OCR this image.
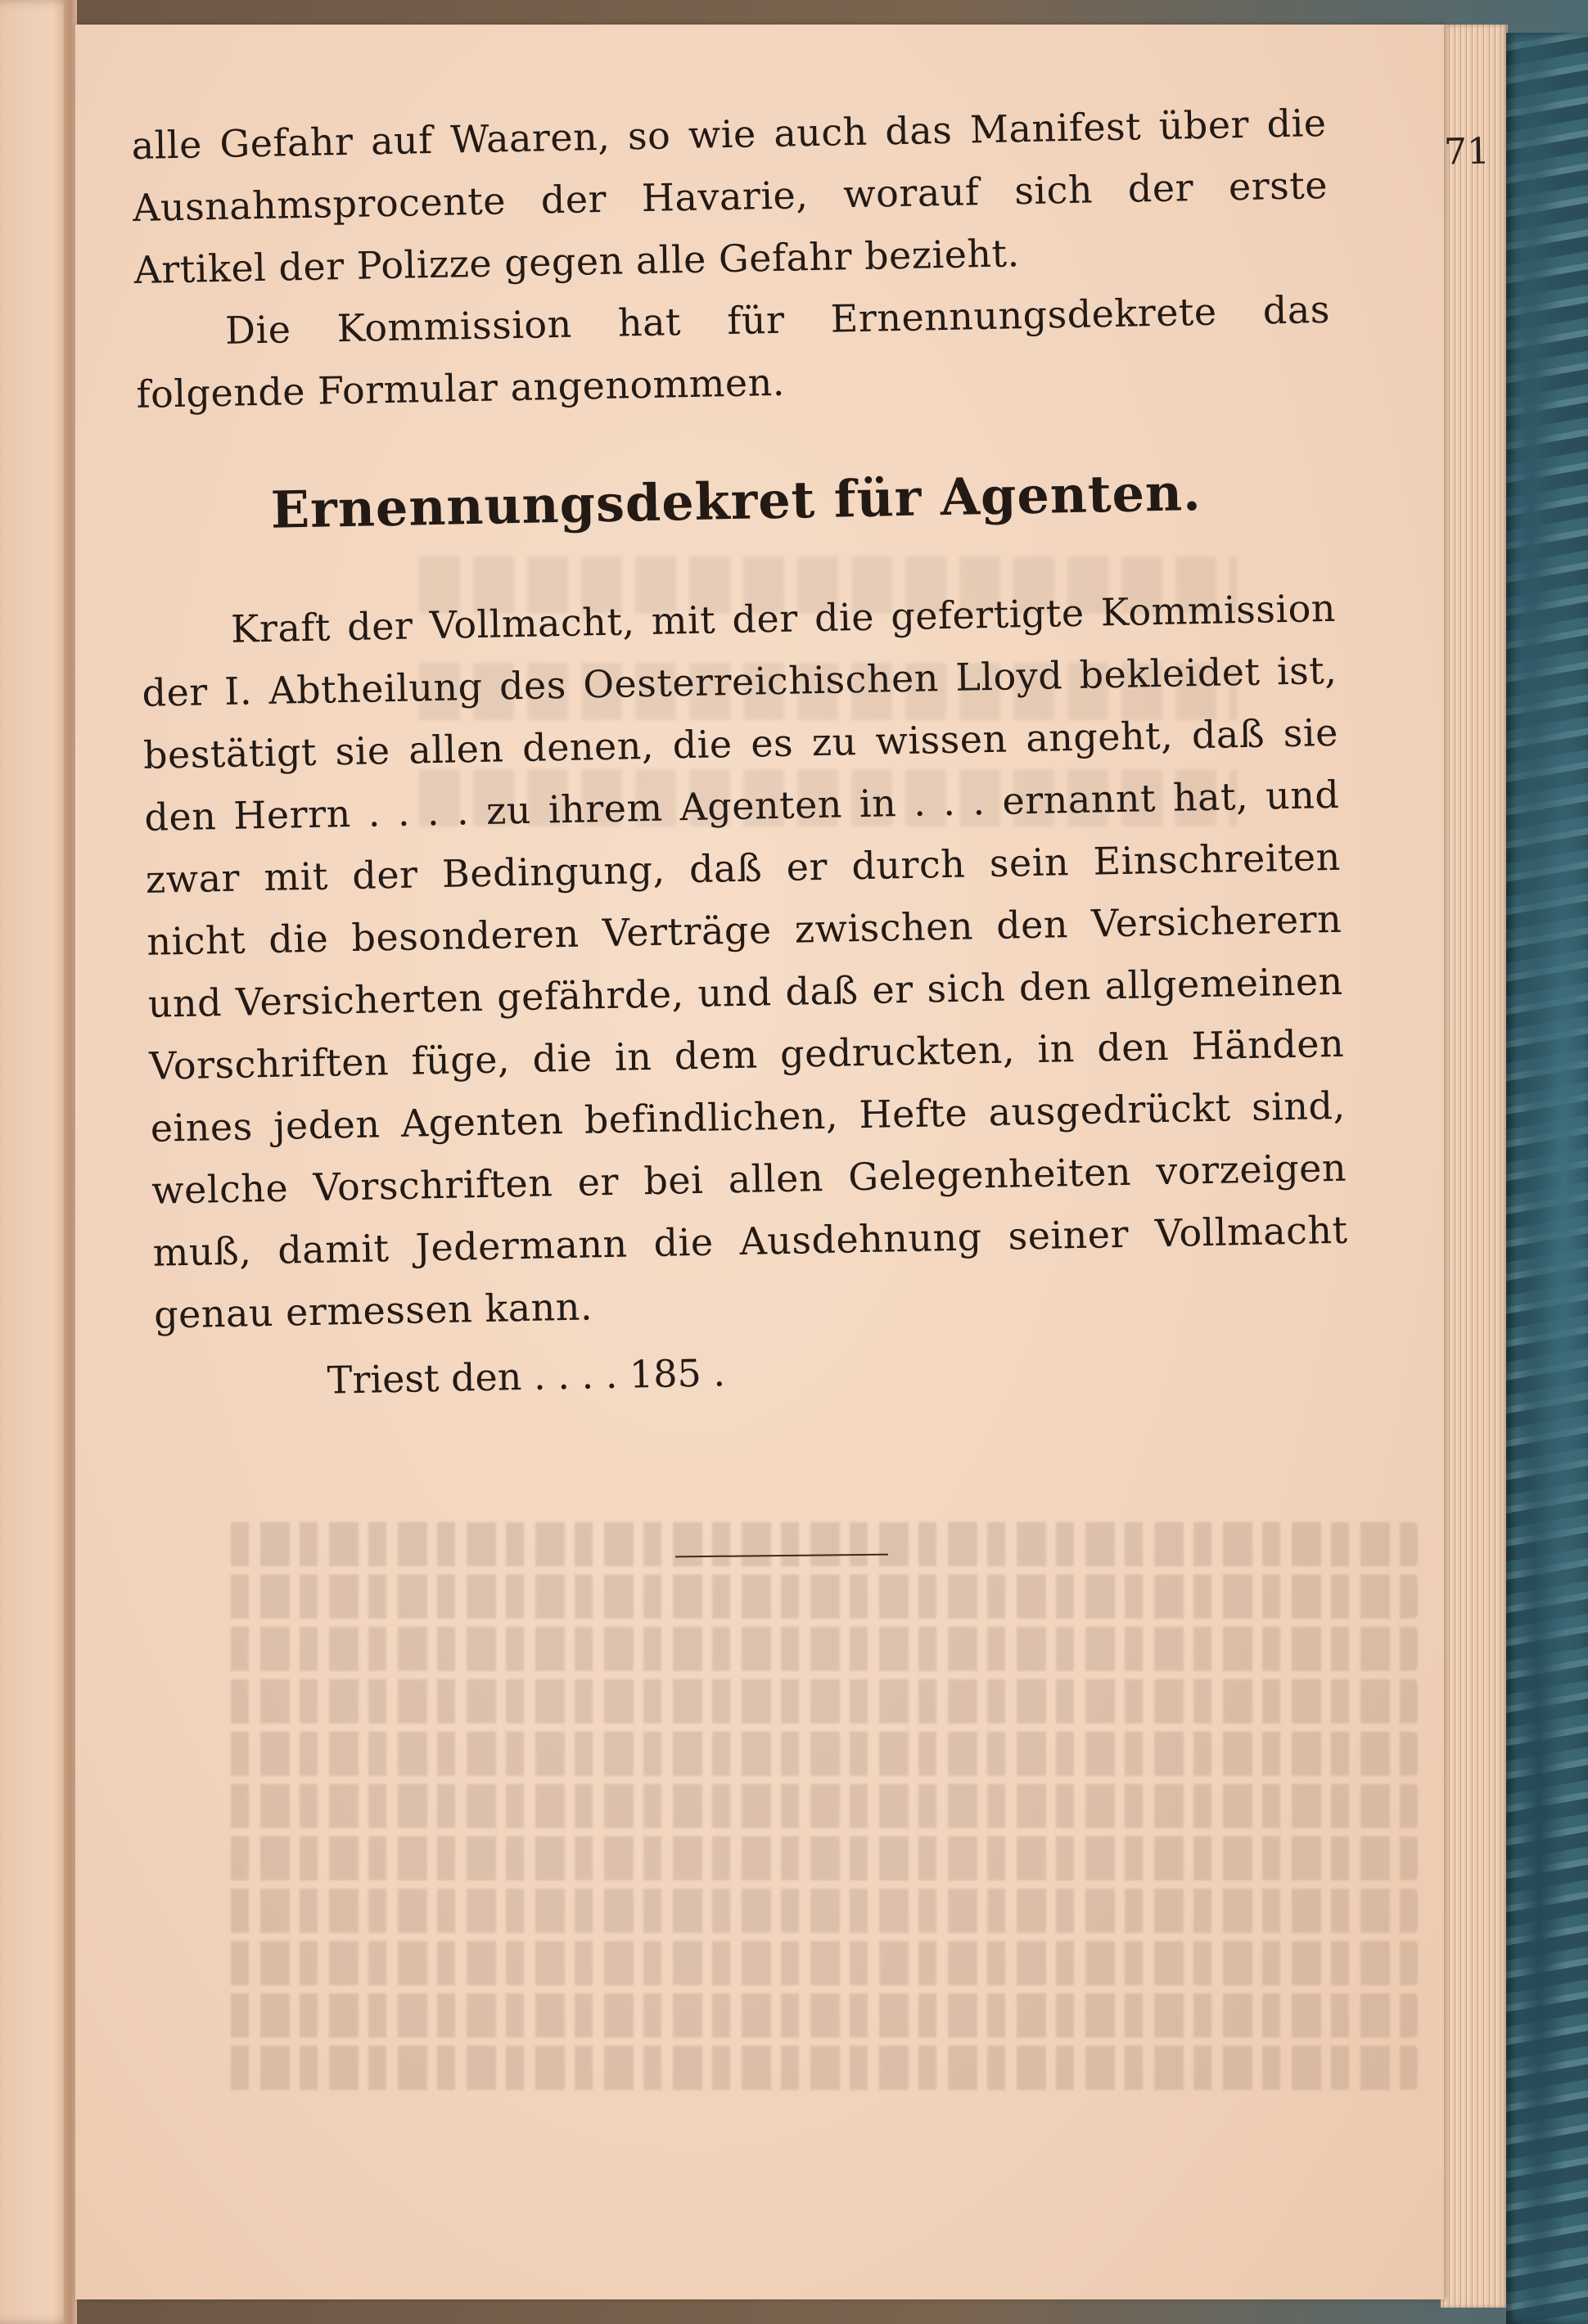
71

alle Gefahr auf Waaren, so wie auch das Manifest über die Ausnahmsprocente der Havarie, worauf sich der erste Artikel der Polizze gegen alle Gefahr bezieht.

Die Kommission hat für Ernennungsdekrete das folgende Formular angenommen.

Ernennungsdekret für Agenten.

Kraft der Vollmacht, mit der die gefertigte Kommission der I. Abtheilung des Oesterreichischen Lloyd bekleidet ist, bestätigt sie allen denen, die es zu wissen angeht, daß sie den Herrn . . . . zu ihrem Agenten in . . . ernannt hat, und zwar mit der Bedingung, daß er durch sein Einschreiten nicht die besonderen Verträge zwischen den Versicherern und Versicherten gefährde, und daß er sich den allgemeinen Vorschriften füge, die in dem gedruckten, in den Händen eines jeden Agenten befindlichen, Hefte ausgedrückt sind, welche Vorschriften er bei allen Gelegenheiten vorzeigen muß, damit Jedermann die Ausdehnung seiner Vollmacht genau ermessen kann.

Triest den . . . . 185 .
